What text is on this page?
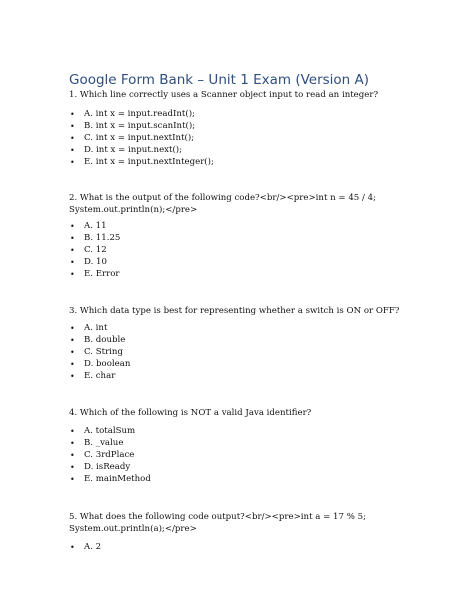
Google Form Bank – Unit 1 Exam (Version A)
1. Which line correctly uses a Scanner object input to read an integer?
• A. int x = input.readInt();
• B. int x = input.scanInt();
• C. int x = input.nextInt();
• D. int x = input.next();
• E. int x = input.nextInteger();
2. What is the output of the following code?<br/><pre>int n = 45 / 4;
System.out.println(n);</pre>
• A. 11
• B. 11.25
• C. 12
• D. 10
• E. Error
3. Which data type is best for representing whether a switch is ON or OFF?
• A. int
• B. double
• C. String
• D. boolean
• E. char
4. Which of the following is NOT a valid Java identifier?
• A. totalSum
• B. _value
• C. 3rdPlace
• D. isReady
• E. mainMethod
5. What does the following code output?<br/><pre>int a = 17 % 5;
System.out.println(a);</pre>
• A. 2
